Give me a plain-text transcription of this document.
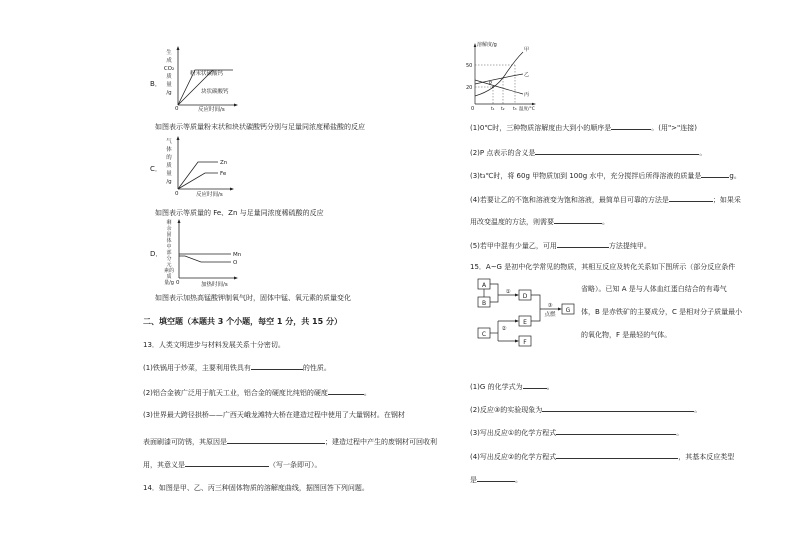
B．
生
成
CO₂
质
量
/g
粉末状碳酸钙
块状碳酸钙
0	反应时间/s
如图表示等质量粉末状和块状碳酸钙分别与足量同浓度稀盐酸的反应
C．
气
体
的
质
量
/g
Zn
Fe
0	反应时间/s
如图表示等质量的 Fe、Zn 与足量同浓度稀硫酸的反应
D．
剩
余
固
体
中
部
分
元
素的
质
量/g
Mn
O
0	加热时间/s
如图表示加热高锰酸钾制氧气时，固体中锰、氧元素的质量变化
二、填空题（本题共 3 个小题，每空 1 分，共 15 分）
13．人类文明进步与材料发展关系十分密切。
(1)铁锅用于炒菜，主要利用铁具有	的性质。
(2)铝合金被广泛用于航天工业，铝合金的硬度比纯铝的硬度	。
(3)世界最大跨径拱桥——广西天峨龙滩特大桥在建造过程中使用了大量钢材。在钢材
表面刷漆可防锈，其原因是	；建造过程中产生的废钢材可回收利
用，其意义是	（写一条即可）。
14．如图是甲、乙、丙三种固体物质的溶解度曲线，据图回答下列问题。
溶解度/g
50
20
0
P
甲
乙
丙
t₁ t₂ t₃ 温度/°C
(1)0℃时，三种物质溶解度由大到小的顺序是	。(用">"连接)
(2)P 点表示的含义是	。
(3)t₃℃时，将 60g 甲物质加到 100g 水中，充分搅拌后所得溶液的质量是	g。
(4)若要让乙的不饱和溶液变为饱和溶液，最简单目可靠的方法是	；如果采
用改变温度的方法，则需要	。
(5)若甲中混有少量乙，可用	方法提纯甲。
15．A~G 是初中化学常见的物质，其相互反应及转化关系如下图所示（部分反应条件
省略）。已知 A 是与人体血红蛋白结合的有毒气
体，B 是赤铁矿的主要成分，C 是相对分子质量最小
的氧化物，F 是最轻的气体。
A
B
C
D
E
F
G
①
②
③
点燃
(1)G 的化学式为	。
(2)反应③的实验现象为	。
(3)写出反应①的化学方程式	。
(4)写出反应②的化学方程式	，其基本反应类型
是	。
